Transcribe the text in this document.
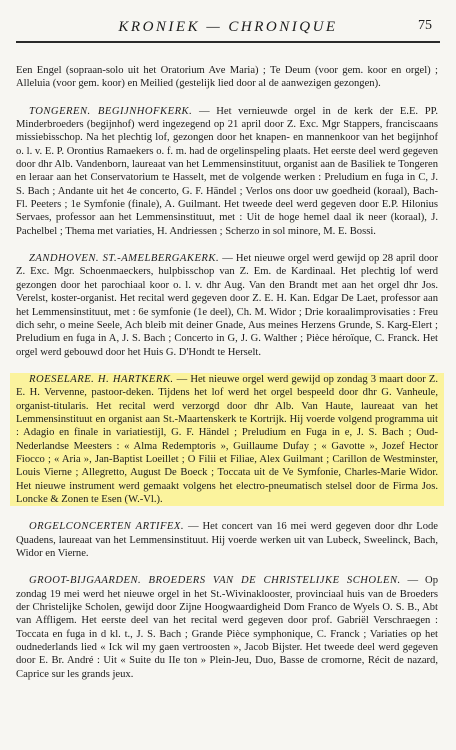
KRONIEK — CHRONIQUE	75

Een Engel (sopraan-solo uit het Oratorium Ave Maria) ; Te Deum (voor gem. koor en orgel) ; Alleluia (voor gem. koor) en Meilied (gestelijk lied door al de aanwezigen gezongen).

TONGEREN. BEGIJNHOFKERK. — Het vernieuwde orgel in de kerk der E.E. PP. Minderbroeders (begijnhof) werd ingezegend op 21 april door Z. Exc. Mgr Stappers, franciscaans missiebisschop. Na het plechtig lof, gezongen door het knapen- en mannenkoor van het begijnhof o. l. v. E. P. Orontius Ramaekers o. f. m. had de orgelinspeling plaats. Het eerste deel werd gegeven door dhr Alb. Vandenborn, laureaat van het Lemmensinstituut, organist aan de Basiliek te Tongeren en leraar aan het Conservatorium te Hasselt, met de volgende werken : Preludium en fuga in C, J. S. Bach ; Andante uit het 4e concerto, G. F. Händel ; Verlos ons door uw goedheid (koraal), Bach-Fl. Peeters ; 1e Symfonie (finale), A. Guilmant. Het tweede deel werd gegeven door E.P. Hilonius Servaes, professor aan het Lemmensinstituut, met : Uit de hoge hemel daal ik neer (koraal), J. Pachelbel ; Thema met variaties, H. Andriessen ; Scherzo in sol minore, M. E. Bossi.

ZANDHOVEN. ST.-AMELBERGAKERK. — Het nieuwe orgel werd gewijd op 28 april door Z. Exc. Mgr. Schoenmaeckers, hulpbisschop van Z. Em. de Kardinaal. Het plechtig lof werd gezongen door het parochiaal koor o. l. v. dhr Aug. Van den Brandt met aan het orgel dhr Jos. Verelst, koster-organist. Het recital werd gegeven door Z. E. H. Kan. Edgar De Laet, professor aan het Lemmensinstituut, met : 6e symfonie (1e deel), Ch. M. Widor ; Drie koraalimprovisaties : Freu dich sehr, o meine Seele, Ach bleib mit deiner Gnade, Aus meines Herzens Grunde, S. Karg-Elert ; Preludium en fuga in A, J. S. Bach ; Concerto in G, J. G. Walther ; Pièce héroïque, C. Franck. Het orgel werd gebouwd door het Huis G. D'Hondt te Herselt.

ROESELARE. H. HARTKERK. — Het nieuwe orgel werd gewijd op zondag 3 maart door Z. E. H. Vervenne, pastoor-deken. Tijdens het lof werd het orgel bespeeld door dhr G. Vanheule, organist-titularis. Het recital werd verzorgd door dhr Alb. Van Haute, laureaat van het Lemmensinstituut en organist aan St.-Maartenskerk te Kortrijk. Hij voerde volgend programma uit : Adagio en finale in variatiestijl, G. F. Händel ; Preludium en Fuga in e, J. S. Bach ; Oud-Nederlandse Meesters : « Alma Redemptoris », Guillaume Dufay ; « Gavotte », Jozef Hector Fiocco ; « Aria », Jan-Baptist Loeillet ; O Filii et Filiae, Alex Guilmant ; Carillon de Westminster, Louis Vierne ; Allegretto, August De Boeck ; Toccata uit de Ve Symfonie, Charles-Marie Widor. Het nieuwe instrument werd gemaakt volgens het electro-pneumatisch stelsel door de Firma Jos. Loncke & Zonen te Esen (W.-Vl.).

ORGELCONCERTEN ARTIFEX. — Het concert van 16 mei werd gegeven door dhr Lode Quadens, laureaat van het Lemmensinstituut. Hij voerde werken uit van Lubeck, Sweelinck, Bach, Widor en Vierne.

GROOT-BIJGAARDEN. BROEDERS VAN DE CHRISTELIJKE SCHOLEN. — Op zondag 19 mei werd het nieuwe orgel in het St.-Wivinaklooster, provinciaal huis van de Broeders der Christelijke Scholen, gewijd door Zijne Hoogwaardigheid Dom Franco de Wyels O. S. B., Abt van Affligem. Het eerste deel van het recital werd gegeven door prof. Gabriël Verschraegen : Toccata en fuga in d kl. t., J. S. Bach ; Grande Pièce symphonique, C. Franck ; Variaties op het oudnederlands lied « Ick wil my gaen vertroosten », Jacob Bijster. Het tweede deel werd gegeven door E. Br. André : Uit « Suite du IIe ton » Plein-Jeu, Duo, Basse de cromorne, Récit de nazard, Caprice sur les grands jeux.
